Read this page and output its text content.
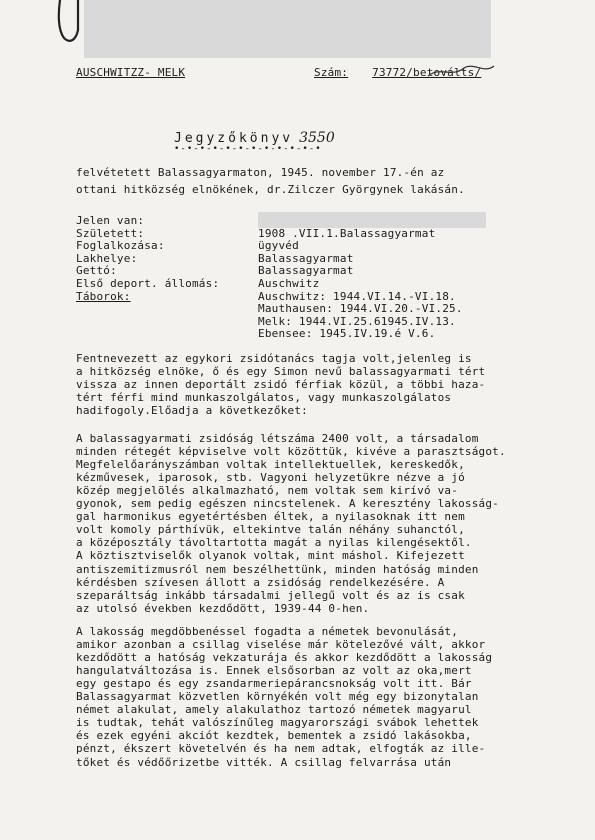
AUSCHWITZZ- MELK	Szám: 73772/betoválts/
Jegyzőkönyv 3550
•-•-•-•-•-•-•-•-•-•-•-•
felvétetett Balassagyarmaton, 1945. november 17.-én az
ottani hitközség elnökének, dr.Zilczer Györgynek lakásán.
Jelen van:
Született:	1908 .VII.1.Balassagyarmat
Foglalkozása:	ügyvéd
Lakhelye:	Balassagyarmat
Gettó:	Balassagyarmat
Első deport. állomás:	Auschwitz
Táborok:	Auschwitz: 1944.VI.14.-VI.18.
Mauthausen: 1944.VI.20.-VI.25.
Melk: 1944.VI.25.61945.IV.13.
Ebensee: 1945.IV.19.é V.6.
Fentnevezett az egykori zsidótanács tagja volt,jelenleg is
a hitközség elnöke, ő és egy Simon nevű balassagyarmati tért
vissza az innen deportált zsidó férfiak közül, a többi haza-
tért férfi mind munkaszolgálatos, vagy munkaszolgálatos
hadifogoly.Előadja a következőket:
A balassagyarmati zsidóság létszáma 2400 volt, a társadalom
minden rétegét képviselve volt közöttük, kivéve a parasztságot.
Megfelelőarányszámban voltak intellektuellek, kereskedők,
kézművesek, iparosok, stb. Vagyoni helyzetükre nézve a jó
közép megjelölés alkalmazható, nem voltak sem kirívó va-
gyonok, sem pedig egészen nincstelenek. A keresztény lakosság-
gal harmonikus egyetértésben éltek, a nyilasoknak itt nem
volt komoly párthívük, eltekintve talán néhány suhanctól,
a középosztály távoltartotta magát a nyilas kilengésektől.
A köztisztviselők olyanok voltak, mint máshol. Kifejezett
antiszemitizmusról nem beszélhettünk, minden hatóság minden
kérdésben szívesen állott a zsidóság rendelkezésére. A
szeparáltság inkább társadalmi jellegű volt és az is csak
az utolsó években kezdődött, 1939-44 0-hen.
A lakosság megdöbbenéssel fogadta a németek bevonulását,
amikor azonban a csillag viselése már kötelezővé vált, akkor
kezdődött a hatóság vekzaturája és akkor kezdődött a lakosság
hangulatváltozása is. Ennek elsősorban az volt az oka,mert
egy gestapo és egy zsandarmeriepárancsnokság volt itt. Bár
Balassagyarmat közvetlen környékén volt még egy bizonytalan
német alakulat, amely alakulathoz tartozó németek magyarul
is tudtak, tehát valószínűleg magyarországi svábok lehettek
és ezek egyéni akciót kezdtek, bementek a zsidó lakásokba,
pénzt, ékszert követelvén és ha nem adtak, elfogták az ille-
tőket és védőőrizetbe vitték. A csillag felvarrása után
